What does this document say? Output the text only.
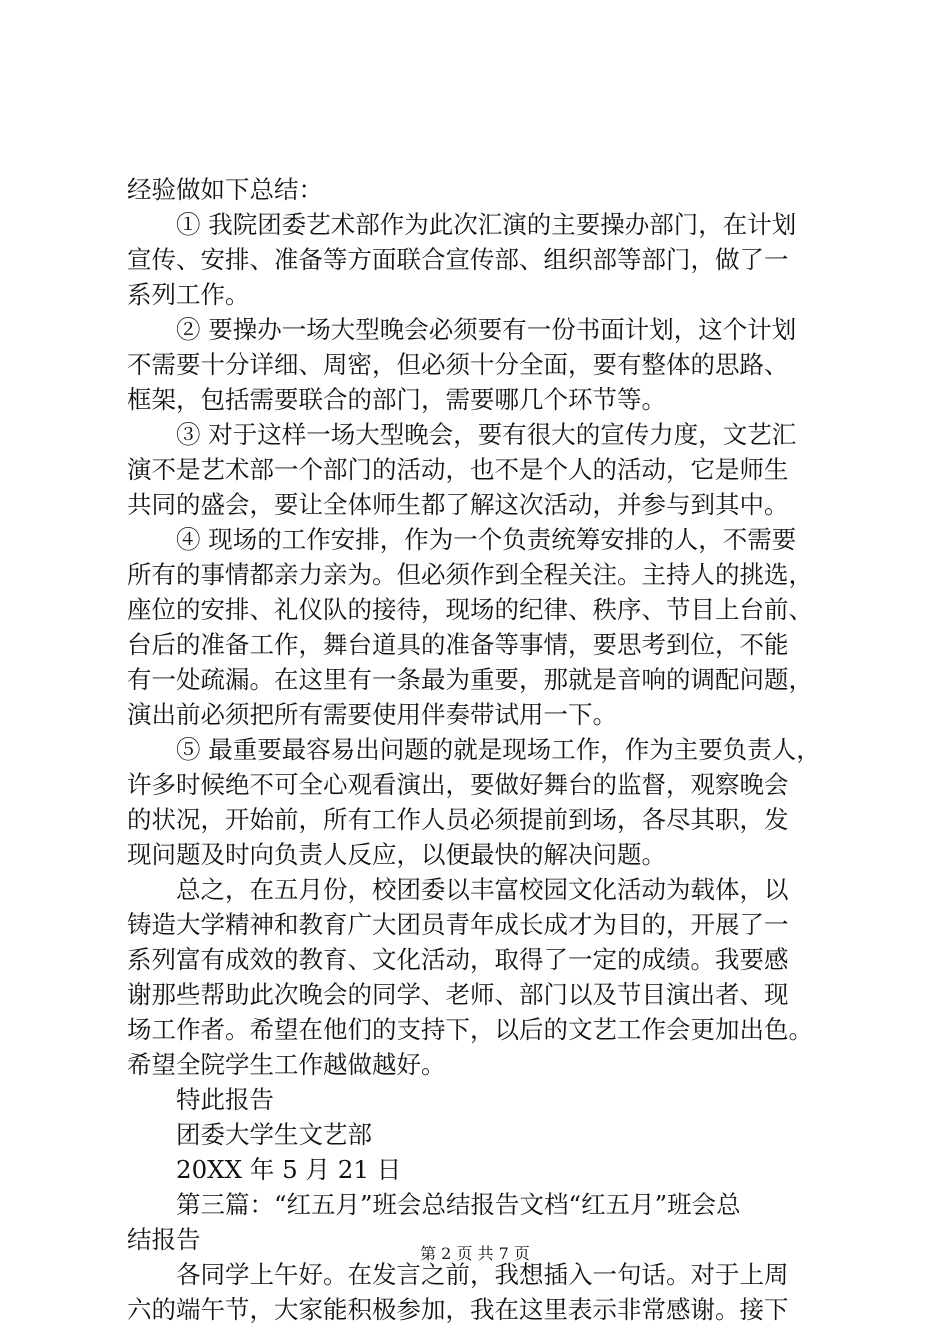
经验做如下总结：
① 我院团委艺术部作为此次汇演的主要操办部门，在计划
宣传、安排、准备等方面联合宣传部、组织部等部门，做了一
系列工作。
② 要操办一场大型晚会必须要有一份书面计划，这个计划
不需要十分详细、周密，但必须十分全面，要有整体的思路、
框架，包括需要联合的部门，需要哪几个环节等。
③ 对于这样一场大型晚会，要有很大的宣传力度，文艺汇
演不是艺术部一个部门的活动，也不是个人的活动，它是师生
共同的盛会，要让全体师生都了解这次活动，并参与到其中。
④ 现场的工作安排，作为一个负责统筹安排的人，不需要
所有的事情都亲力亲为。但必须作到全程关注。主持人的挑选，
座位的安排、礼仪队的接待，现场的纪律、秩序、节目上台前、
台后的准备工作，舞台道具的准备等事情，要思考到位，不能
有一处疏漏。在这里有一条最为重要，那就是音响的调配问题，
演出前必须把所有需要使用伴奏带试用一下。
⑤ 最重要最容易出问题的就是现场工作，作为主要负责人，
许多时候绝不可全心观看演出，要做好舞台的监督，观察晚会
的状况，开始前，所有工作人员必须提前到场，各尽其职，发
现问题及时向负责人反应，以便最快的解决问题。
总之，在五月份，校团委以丰富校园文化活动为载体，以
铸造大学精神和教育广大团员青年成长成才为目的，开展了一
系列富有成效的教育、文化活动，取得了一定的成绩。我要感
谢那些帮助此次晚会的同学、老师、部门以及节目演出者、现
场工作者。希望在他们的支持下，以后的文艺工作会更加出色。
希望全院学生工作越做越好。
特此报告
团委大学生文艺部
20XX 年 5 月 21 日
第三篇：“红五月”班会总结报告文档“红五月”班会总
结报告
各同学上午好。在发言之前，我想插入一句话。对于上周
六的端午节，大家能积极参加，我在这里表示非常感谢。接下
第 2 页 共 7 页
